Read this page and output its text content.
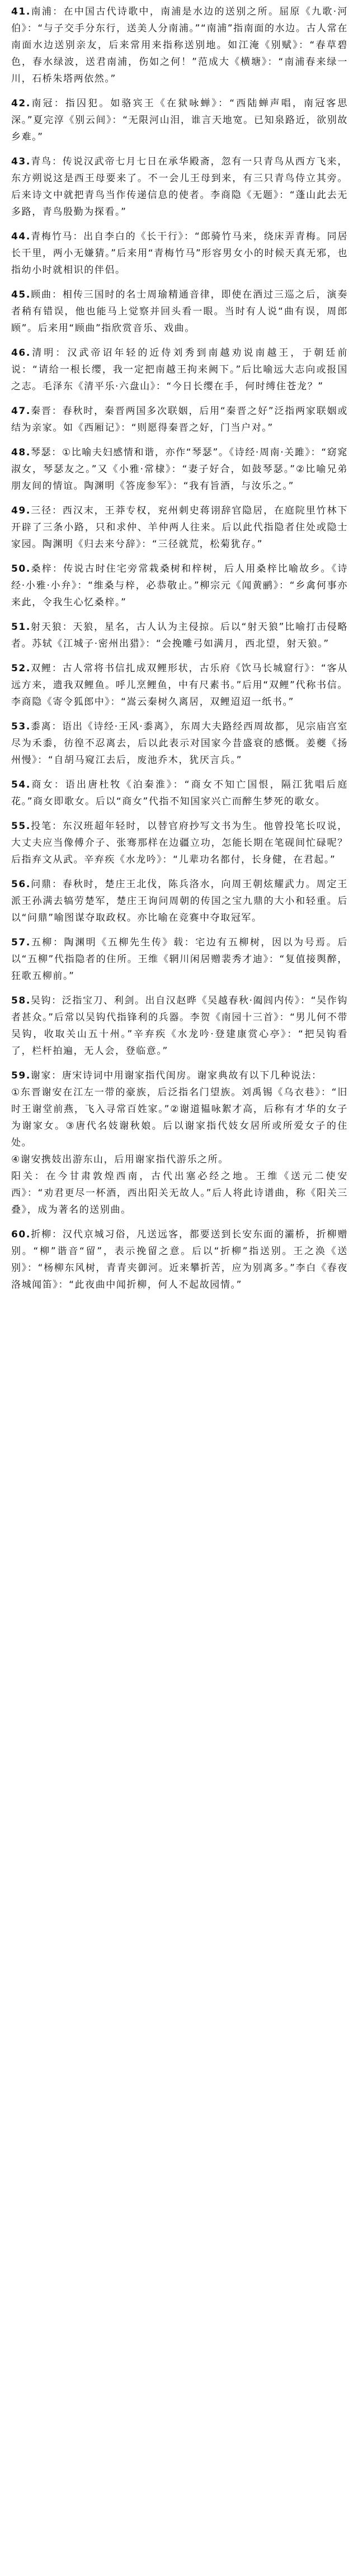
41.南浦：在中国古代诗歌中，南浦是水边的送别之所。屈原《九歌·河伯》：“与子交手分东行，送美人分南浦。”“南浦”指南面的水边。古人常在南面水边送别亲友，后来常用来指称送别地。如江淹《别赋》：“春草碧色，春水绿波，送君南浦，伤如之何！”范成大《横塘》：“南浦春来绿一川，石桥朱塔两依然。”

42.南冠：指囚犯。如骆宾王《在狱咏蝉》：“西陆蝉声唱，南冠客思深。”夏完淳《别云间》：“无限河山泪，谁言天地宽。已知泉路近，欲别故乡难。”

43.青鸟：传说汉武帝七月七日在承华殿斋，忽有一只青鸟从西方飞来，东方朔说这是西王母要来了。不一会儿王母到来，有三只青鸟侍立其旁。后来诗文中就把青鸟当作传递信息的使者。李商隐《无题》：“蓬山此去无多路，青鸟殷勤为探看。”

44.青梅竹马：出自李白的《长干行》：“郎骑竹马来，绕床弄青梅。同居长干里，两小无嫌猜。”后来用“青梅竹马”形容男女小的时候天真无邪，也指幼小时就相识的伴侣。

45.顾曲：相传三国时的名士周瑜精通音律，即使在酒过三巡之后，演奏者稍有错误，他也能马上觉察并回头看一眼。当时有人说“曲有误，周郎顾”。后来用“顾曲”指欣赏音乐、戏曲。

46.清明：汉武帝诏年轻的近侍刘秀到南越劝说南越王，于朝廷前说：“请给一根长缨，我一定把南越王拘来阙下。”后比喻远大志向或报国之志。毛泽东《清平乐·六盘山》：“今日长缨在手，何时缚住苍龙？”

47.秦晋：春秋时，秦晋两国多次联姻，后用“秦晋之好”泛指两家联姻或结为亲家。如《西厢记》：“则愿得秦晋之好，门当户对。”

48.琴瑟：①比喻夫妇感情和谐，亦作“琴瑟”。《诗经·周南·关雎》：“窈窕淑女，琴瑟友之。”又《小雅·常棣》：“妻子好合，如鼓琴瑟。”②比喻兄弟朋友间的情谊。陶渊明《答庞参军》：“我有旨酒，与汝乐之。”

49.三径：西汉末，王莽专权，兖州刺史蒋诩辞官隐居，在庭院里竹林下开辟了三条小路，只和求仲、羊仲两人往来。后以此代指隐者住处或隐士家园。陶渊明《归去来兮辞》：“三径就荒，松菊犹存。”

50.桑梓：传说古时住宅旁常栽桑树和梓树，后人用桑梓比喻故乡。《诗经·小雅·小弁》：“维桑与梓，必恭敬止。”柳宗元《闻黄鹂》：“乡禽何事亦来此，令我生心忆桑梓。”

51.射天狼：天狼，星名，古人认为主侵掠。后以“射天狼”比喻打击侵略者。苏轼《江城子·密州出猎》：“会挽雕弓如满月，西北望，射天狼。”

52.双鲤：古人常将书信扎成双鲤形状，古乐府《饮马长城窟行》：“客从远方来，遗我双鲤鱼。呼儿烹鲤鱼，中有尺素书。”后用“双鲤”代称书信。李商隐《寄令狐郎中》：“嵩云秦树久离居，双鲤迢迢一纸书。”

53.黍离：语出《诗经·王风·黍离》，东周大夫路经西周故都，见宗庙宫室尽为禾黍，彷徨不忍离去，后以此表示对国家今昔盛衰的感慨。姜夔《扬州慢》：“自胡马窥江去后，废池乔木，犹厌言兵。”

54.商女：语出唐杜牧《泊秦淮》：“商女不知亡国恨，隔江犹唱后庭花。”商女即歌女。后以“商女”代指不知国家兴亡而醉生梦死的歌女。

55.投笔：东汉班超年轻时，以替官府抄写文书为生。他曾投笔长叹说，大丈夫应当像傅介子、张骞那样在边疆立功，怎能长期在笔砚间忙碌呢？后指弃文从武。辛弃疾《水龙吟》：“儿辈功名都付，长身健，在君起。”

56.问鼎：春秋时，楚庄王北伐，陈兵洛水，向周王朝炫耀武力。周定王派王孙满去犒劳楚军，楚庄王询问周朝的传国之宝九鼎的大小和轻重。后以“问鼎”喻图谋夺取政权。亦比喻在竞赛中夺取冠军。

57.五柳：陶渊明《五柳先生传》载：宅边有五柳树，因以为号焉。后以“五柳”代指隐者的住所。王维《辋川闲居赠裴秀才迪》：“复值接舆醉，狂歌五柳前。”

58.吴钩：泛指宝刀、利剑。出自汉赵晔《吴越春秋·阖闾内传》：“吴作钩者甚众。”后常以吴钩代指锋利的兵器。李贺《南园十三首》：“男儿何不带吴钩，收取关山五十州。”辛弃疾《水龙吟·登建康赏心亭》：“把吴钩看了，栏杆拍遍，无人会，登临意。”

59.谢家：唐宋诗词中用谢家指代闺房。谢家典故有以下几种说法：

①东晋谢安在江左一带的豪族，后泛指名门望族。刘禹锡《乌衣巷》：“旧时王谢堂前燕，飞入寻常百姓家。”②谢道韫咏絮才高，后称有才华的女子为谢家女。③唐代名妓谢秋娘。后以谢家指代妓女居所或所爱女子的住处。

④谢安携妓出游东山，后用谢家指代游乐之所。

阳关：在今甘肃敦煌西南，古代出塞必经之地。王维《送元二使安西》：“劝君更尽一杯酒，西出阳关无故人。”后人将此诗谱曲，称《阳关三叠》，成为著名的送别曲。

60.折柳：汉代京城习俗，凡送远客，都要送到长安东面的灞桥，折柳赠别。“柳”谐音“留”，表示挽留之意。后以“折柳”指送别。王之涣《送别》：“杨柳东风树，青青夹御河。近来攀折苦，应为别离多。”李白《春夜洛城闻笛》：“此夜曲中闻折柳，何人不起故园情。”
